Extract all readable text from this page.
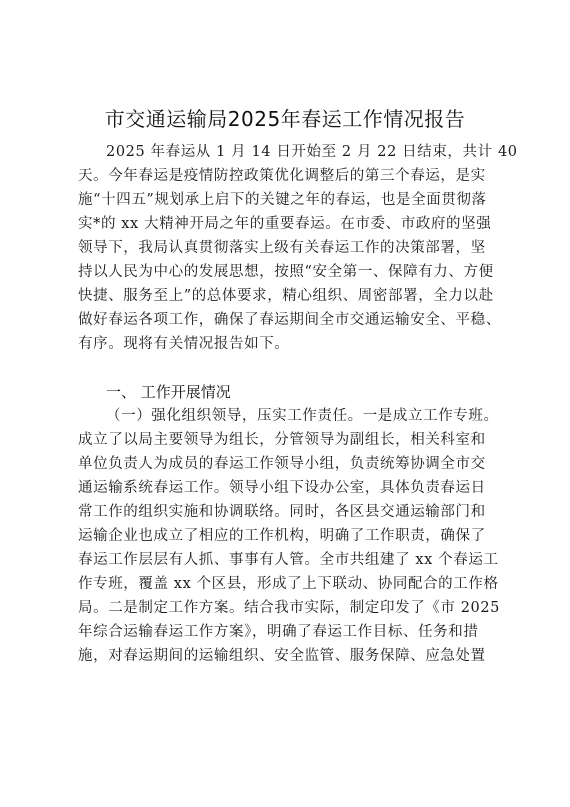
市交通运输局2025年春运工作情况报告
2025 年春运从 1 月 14 日开始至 2 月 22 日结束，共计 40
天。今年春运是疫情防控政策优化调整后的第三个春运，是实
施“十四五”规划承上启下的关键之年的春运，也是全面贯彻落
实*的 xx 大精神开局之年的重要春运。在市委、市政府的坚强
领导下，我局认真贯彻落实上级有关春运工作的决策部署，坚
持以人民为中心的发展思想，按照“安全第一、保障有力、方便
快捷、服务至上”的总体要求，精心组织、周密部署，全力以赴
做好春运各项工作，确保了春运期间全市交通运输安全、平稳、
有序。现将有关情况报告如下。
一、 工作开展情况
（一）强化组织领导，压实工作责任。一是成立工作专班。
成立了以局主要领导为组长，分管领导为副组长，相关科室和
单位负责人为成员的春运工作领导小组，负责统筹协调全市交
通运输系统春运工作。领导小组下设办公室，具体负责春运日
常工作的组织实施和协调联络。同时，各区县交通运输部门和
运输企业也成立了相应的工作机构，明确了工作职责，确保了
春运工作层层有人抓、事事有人管。全市共组建了 xx 个春运工
作专班，覆盖 xx 个区县，形成了上下联动、协同配合的工作格
局。二是制定工作方案。结合我市实际，制定印发了《市 2025
年综合运输春运工作方案》，明确了春运工作目标、任务和措
施，对春运期间的运输组织、安全监管、服务保障、应急处置
